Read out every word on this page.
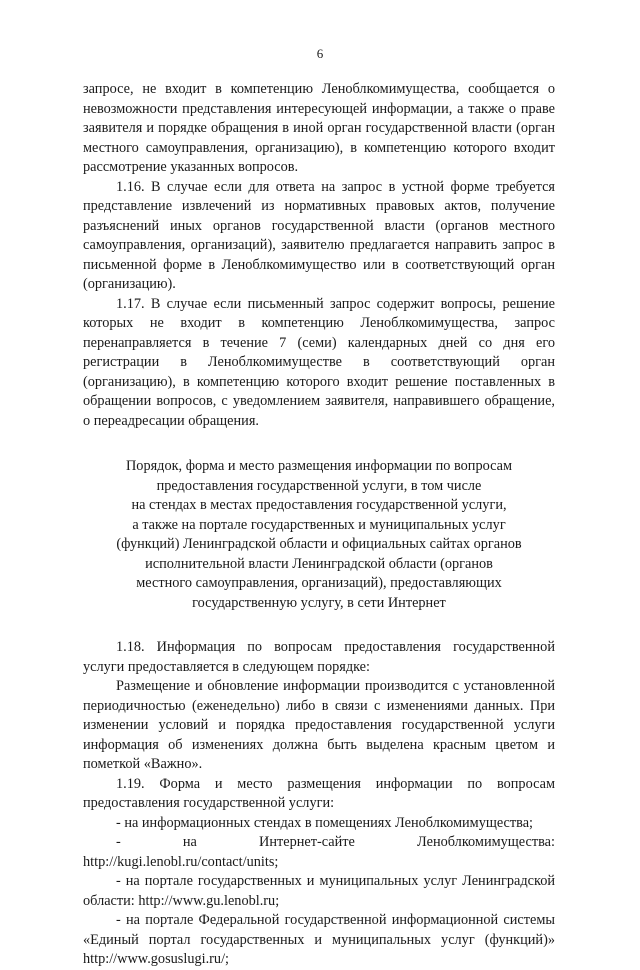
6

запросе, не входит в компетенцию Леноблкомимущества, сообщается о невозможности представления интересующей информации, а также о праве заявителя и порядке обращения в иной орган государственной власти (орган местного самоуправления, организацию), в компетенцию которого входит рассмотрение указанных вопросов.

1.16. В случае если для ответа на запрос в устной форме требуется представление извлечений из нормативных правовых актов, получение разъяснений иных органов государственной власти (органов местного самоуправления, организаций), заявителю предлагается направить запрос в письменной форме в Леноблкомимущество или в соответствующий орган (организацию).

1.17. В случае если письменный запрос содержит вопросы, решение которых не входит в компетенцию Леноблкомимущества, запрос перенаправляется в течение 7 (семи) календарных дней со дня его регистрации в Леноблкомимуществе в соответствующий орган (организацию), в компетенцию которого входит решение поставленных в обращении вопросов, с уведомлением заявителя, направившего обращение, о переадресации обращения.

Порядок, форма и место размещения информации по вопросам
предоставления государственной услуги, в том числе
на стендах в местах предоставления государственной услуги,
а также на портале государственных и муниципальных услуг
(функций) Ленинградской области и официальных сайтах органов
исполнительной власти Ленинградской области (органов
местного самоуправления, организаций), предоставляющих
государственную услугу, в сети Интернет

1.18. Информация по вопросам предоставления государственной услуги предоставляется в следующем порядке:

Размещение и обновление информации производится с установленной периодичностью (еженедельно) либо в связи с изменениями данных. При изменении условий и порядка предоставления государственной услуги информация об изменениях должна быть выделена красным цветом и пометкой «Важно».

1.19. Форма и место размещения информации по вопросам предоставления государственной услуги:

- на информационных стендах в помещениях Леноблкомимущества;

- на Интернет-сайте Леноблкомимущества: http://kugi.lenobl.ru/contact/units;

- на портале государственных и муниципальных услуг Ленинградской области: http://www.gu.lenobl.ru;

- на портале Федеральной государственной информационной системы «Единый портал государственных и муниципальных услуг (функций)» http://www.gosuslugi.ru/;
